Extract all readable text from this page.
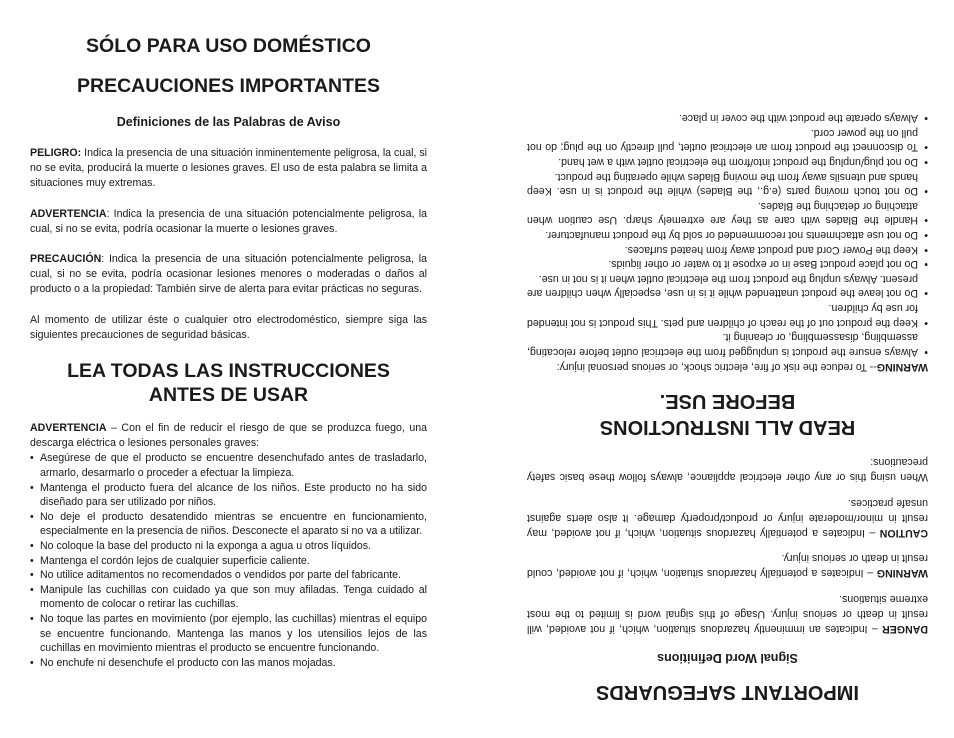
SÓLO PARA USO DOMÉSTICO
PRECAUCIONES IMPORTANTES
Definiciones de las Palabras de Aviso

PELIGRO: Indica la presencia de una situación inminentemente peligrosa, la cual, si no se evita, producirá la muerte o lesiones graves. El uso de esta palabra se limita a situaciones muy extremas.

ADVERTENCIA: Indica la presencia de una situación potencialmente peligrosa, la cual, si no se evita, podría ocasionar la muerte o lesiones graves.

PRECAUCIÓN: Indica la presencia de una situación potencialmente peligrosa, la cual, si no se evita, podría ocasionar lesiones menores o moderadas o daños al producto o a la propiedad: También sirve de alerta para evitar prácticas no seguras.

Al momento de utilizar éste o cualquier otro electrodoméstico, siempre siga las siguientes precauciones de seguridad básicas.

LEA TODAS LAS INSTRUCCIONES
ANTES DE USAR

ADVERTENCIA – Con el fin de reducir el riesgo de que se produzca fuego, una descarga eléctrica o lesiones personales graves:

• Asegúrese de que el producto se encuentre desenchufado antes de trasladarlo, armarlo, desarmarlo o proceder a efectuar la limpieza.
• Mantenga el producto fuera del alcance de los niños. Este producto no ha sido diseñado para ser utilizado por niños.
• No deje el producto desatendido mientras se encuentre en funcionamiento, especialmente en la presencia de niños. Desconecte el aparato si no va a utilizar.
• No coloque la base del producto ni la exponga a agua u otros líquidos.
• Mantenga el cordón lejos de cualquier superficie caliente.
• No utilice aditamentos no recomendados o vendidos por parte del fabricante.
• Manipule las cuchillas con cuidado ya que son muy afiladas. Tenga cuidado al momento de colocar o retirar las cuchillas.
• No toque las partes en movimiento (por ejemplo, las cuchillas) mientras el equipo se encuentre funcionando. Mantenga las manos y los utensilios lejos de las cuchillas en movimiento mientras el producto se encuentre funcionando.
• No enchufe ni desenchufe el producto con las manos mojadas.
IMPORTANT SAFEGUARDS
Signal Word Definitions

DANGER – Indicates an imminently hazardous situation, which, if not avoided, will result in death or serious injury. Usage of this signal word is limited to the most extreme situations.

WARNING – Indicates a potentially hazardous situation, which, if not avoided, could result in death or serious injury.

CAUTION – Indicates a potentially hazardous situation, which, if not avoided, may result in minor/moderate injury or product/property damage. It also alerts against unsafe practices.

When using this or any other electrical appliance, always follow these basic safety precautions:

READ ALL INSTRUCTIONS
BEFORE USE.

WARNING-- To reduce the risk of fire, electric shock, or serious personal injury:

• Always ensure the product is unplugged from the electrical outlet before relocating, assembling, disassembling, or cleaning it.
• Keep the product out of the reach of children and pets. This product is not intended for use by children.
• Do not leave the product unattended while it is in use, especially when children are present. Always unplug the product from the electrical outlet when it is not in use.
• Do not place product Base in or expose it to water or other liquids.
• Keep the Power Cord and product away from heated surfaces.
• Do not use attachments not recommended or sold by the product manufacturer.
• Handle the Blades with care as they are extremely sharp. Use caution when attaching or detaching the Blades.
• Do not touch moving parts (e.g., the Blades) while the product is in use. Keep hands and utensils away from the moving Blades while operating the product.
• Do not plug/unplug the product into/from the electrical outlet with a wet hand.
• To disconnect the product from an electrical outlet, pull directly on the plug; do not pull on the power cord.
• Always operate the product with the cover in place.
